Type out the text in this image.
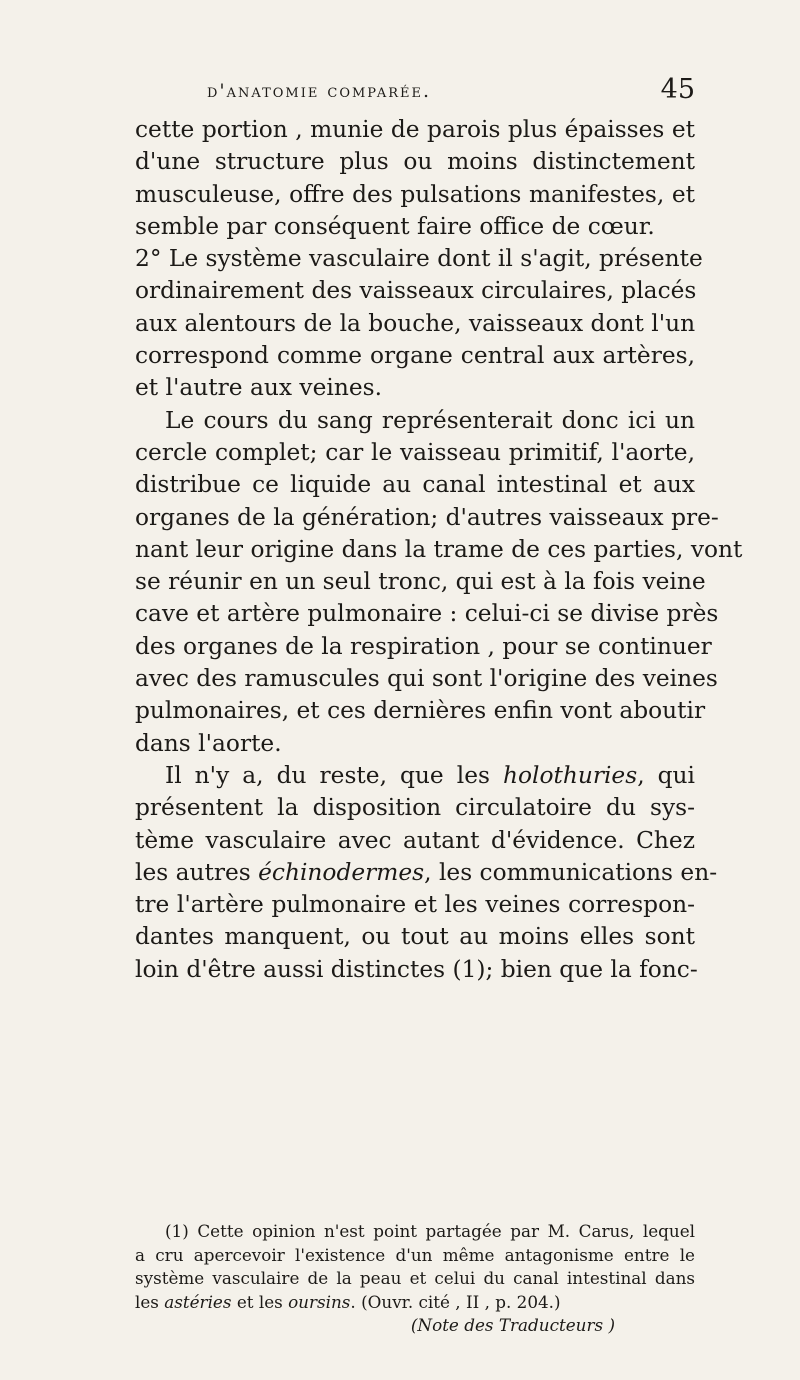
d'anatomie comparée.	45
cette portion , munie de parois plus épaisses et
d'une structure plus ou moins distinctement
musculeuse, offre des pulsations manifestes, et
semble par conséquent faire office de cœur.
2° Le système vasculaire dont il s'agit, présente
ordinairement des vaisseaux circulaires, placés
aux alentours de la bouche, vaisseaux dont l'un
correspond comme organe central aux artères,
et l'autre aux veines.
Le cours du sang représenterait donc ici un
cercle complet; car le vaisseau primitif, l'aorte,
distribue ce liquide au canal intestinal et aux
organes de la génération; d'autres vaisseaux pre-
nant leur origine dans la trame de ces parties, vont
se réunir en un seul tronc, qui est à la fois veine
cave et artère pulmonaire : celui-ci se divise près
des organes de la respiration , pour se continuer
avec des ramuscules qui sont l'origine des veines
pulmonaires, et ces dernières enfin vont aboutir
dans l'aorte.
Il n'y a, du reste, que les holothuries, qui
présentent la disposition circulatoire du sys-
tème vasculaire avec autant d'évidence. Chez
les autres échinodermes, les communications en-
tre l'artère pulmonaire et les veines correspon-
dantes manquent, ou tout au moins elles sont
loin d'être aussi distinctes (1); bien que la fonc-
(1) Cette opinion n'est point partagée par M. Carus, lequel
a cru apercevoir l'existence d'un même antagonisme entre le
système vasculaire de la peau et celui du canal intestinal dans
les astéries et les oursins. (Ouvr. cité , II , p. 204.)
(Note des Traducteurs )
